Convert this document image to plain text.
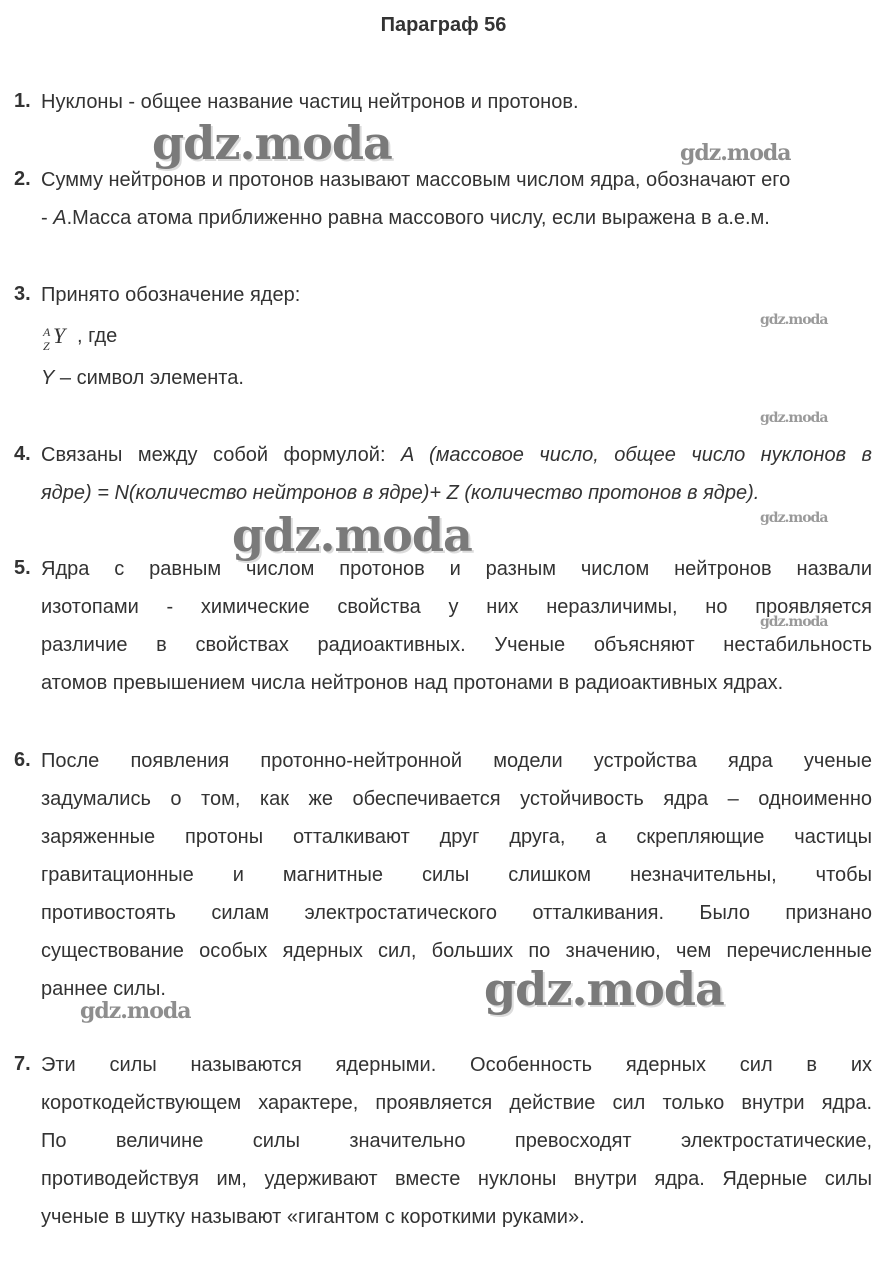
Параграф 56
1. Нуклоны - общее название частиц нейтронов и протонов.
2. Сумму нейтронов и протонов называют массовым числом ядра, обозначают его
- A.Масса атома приближенно равна массового числу, если выражена в а.е.м.
3. Принято обозначение ядер:
A
Z Y , где
Y – символ элемента.
4. Связаны между собой формулой: A (массовое число, общее число нуклонов в
ядре) = N(количество нейтронов в ядре)+ Z (количество протонов в ядре).
5. Ядра с равным числом протонов и разным числом нейтронов назвали
изотопами - химические свойства у них неразличимы, но проявляется
различие в свойствах радиоактивных. Ученые объясняют нестабильность
атомов превышением числа нейтронов над протонами в радиоактивных ядрах.
6. После появления протонно-нейтронной модели устройства ядра ученые
задумались о том, как же обеспечивается устойчивость ядра – одноименно
заряженные протоны отталкивают друг друга, а скрепляющие частицы
гравитационные и магнитные силы слишком незначительны, чтобы
противостоять силам электростатического отталкивания. Было признано
существование особых ядерных сил, больших по значению, чем перечисленные
раннее силы.
7. Эти силы называются ядерными. Особенность ядерных сил в их
короткодействующем характере, проявляется действие сил только внутри ядра.
По величине силы значительно превосходят электростатические,
противодействуя им, удерживают вместе нуклоны внутри ядра. Ядерные силы
ученые в шутку называют «гигантом с короткими руками».
gdz.moda	gdz.moda
gdz.moda
gdz.moda
gdz.moda
gdz.moda
gdz.moda
gdz.moda
gdz.moda
